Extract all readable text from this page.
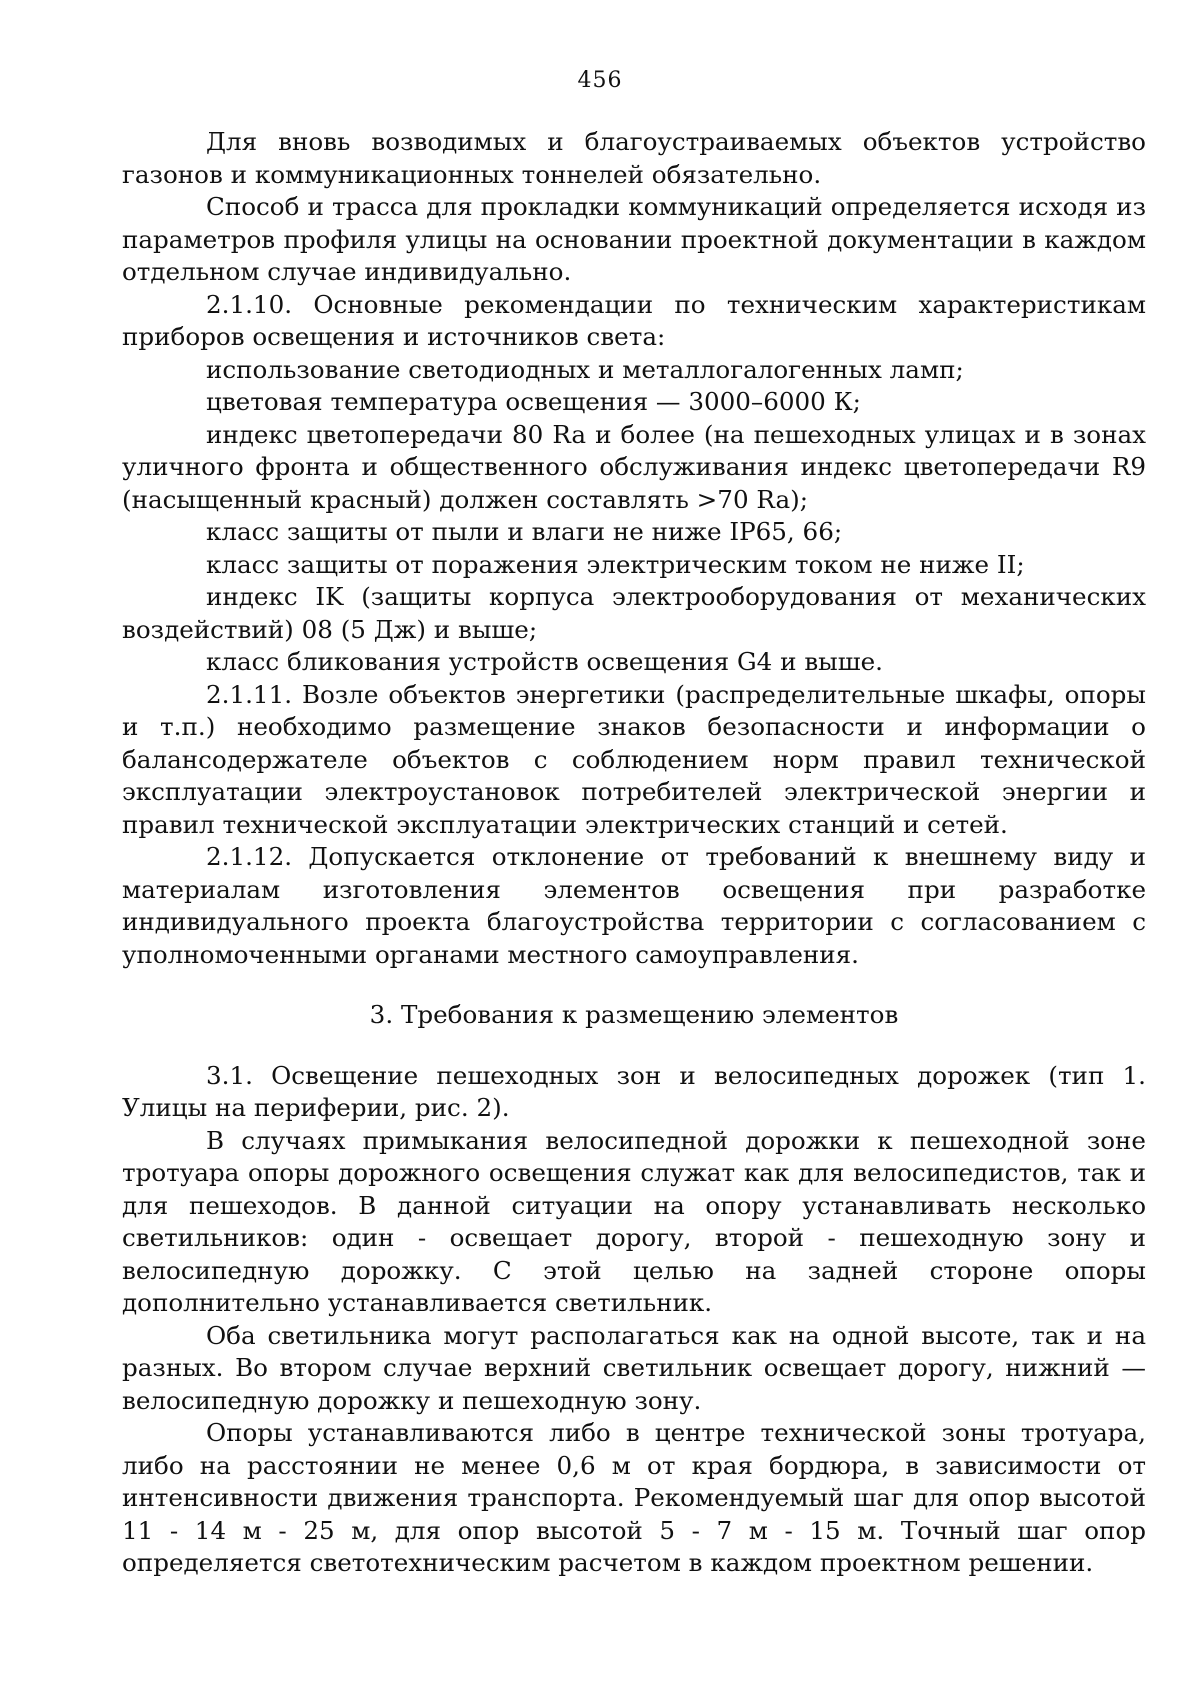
456

Для вновь возводимых и благоустраиваемых объектов устройство газонов и коммуникационных тоннелей обязательно.

Способ и трасса для прокладки коммуникаций определяется исходя из параметров профиля улицы на основании проектной документации в каждом отдельном случае индивидуально.

2.1.10. Основные рекомендации по техническим характеристикам приборов освещения и источников света:

использование светодиодных и металлогалогенных ламп;

цветовая температура освещения — 3000–6000 К;

индекс цветопередачи 80 Ra и более (на пешеходных улицах и в зонах уличного фронта и общественного обслуживания индекс цветопередачи R9 (насыщенный красный) должен составлять >70 Ra);

класс защиты от пыли и влаги не ниже IP65, 66;

класс защиты от поражения электрическим током не ниже II;

индекс IK (защиты корпуса электрооборудования от механических воздействий) 08 (5 Дж) и выше;

класс бликования устройств освещения G4 и выше.

2.1.11. Возле объектов энергетики (распределительные шкафы, опоры и т.п.) необходимо размещение знаков безопасности и информации о балансодержателе объектов с соблюдением норм правил технической эксплуатации электроустановок потребителей электрической энергии и правил технической эксплуатации электрических станций и сетей.

2.1.12. Допускается отклонение от требований к внешнему виду и материалам изготовления элементов освещения при разработке индивидуального проекта благоустройства территории с согласованием с уполномоченными органами местного самоуправления.

3. Требования к размещению элементов

3.1. Освещение пешеходных зон и велосипедных дорожек (тип 1. Улицы на периферии, рис. 2).

В случаях примыкания велосипедной дорожки к пешеходной зоне тротуара опоры дорожного освещения служат как для велосипедистов, так и для пешеходов. В данной ситуации на опору устанавливать несколько светильников: один - освещает дорогу, второй - пешеходную зону и велосипедную дорожку. С этой целью на задней стороне опоры дополнительно устанавливается светильник.

Оба светильника могут располагаться как на одной высоте, так и на разных. Во втором случае верхний светильник освещает дорогу, нижний — велосипедную дорожку и пешеходную зону.

Опоры устанавливаются либо в центре технической зоны тротуара, либо на расстоянии не менее 0,6 м от края бордюра, в зависимости от интенсивности движения транспорта. Рекомендуемый шаг для опор высотой 11 - 14 м - 25 м, для опор высотой 5 - 7 м - 15 м. Точный шаг опор определяется светотехническим расчетом в каждом проектном решении.
